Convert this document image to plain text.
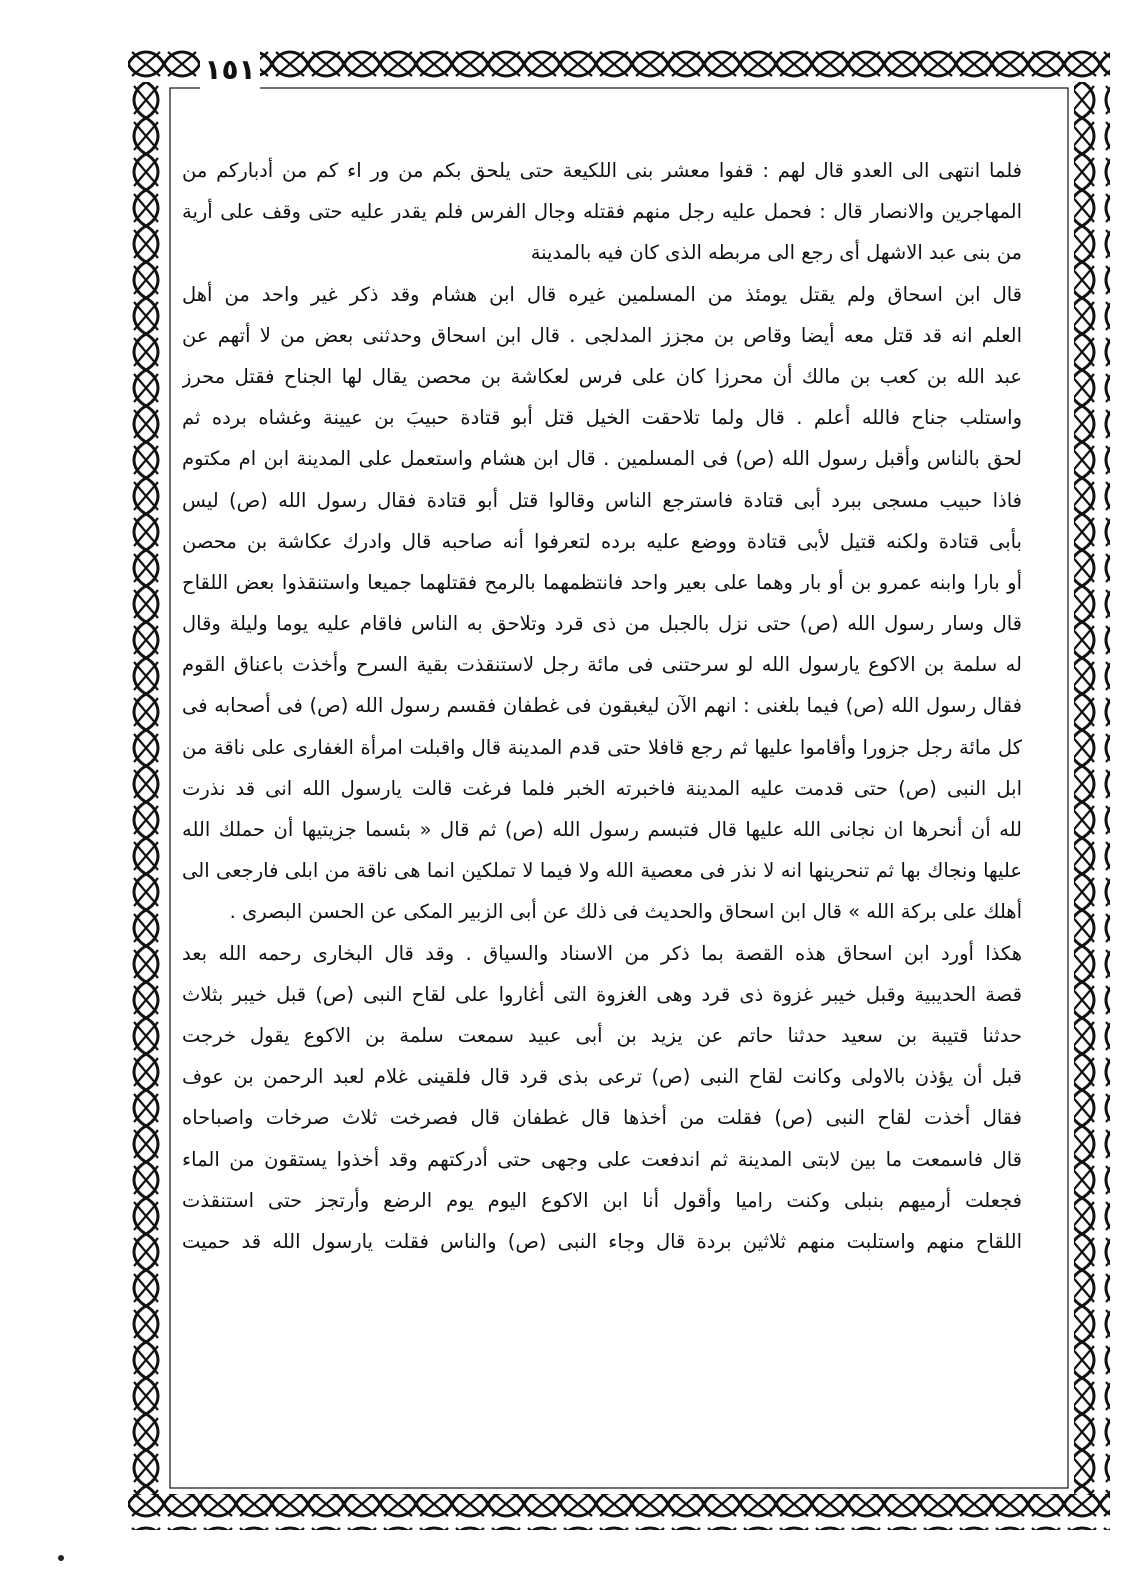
١٥١
فلما انتهى الى العدو قال لهم : قفوا معشر بنى اللكيعة حتى يلحق بكم من ور اء كم من أدباركم من
المهاجرين والانصار قال : فحمل عليه رجل منهم فقتله وجال الفرس فلم يقدر عليه حتى وقف على أرية
من بنى عبد الاشهل أى رجع الى مربطه الذى كان فيه بالمدينة
قال ابن اسحاق ولم يقتل يومئذ من المسلمين غيره قال ابن هشام وقد ذكر غير واحد من أهل
العلم انه قد قتل معه أيضا وقاص بن مجزز المدلجى . قال ابن اسحاق وحدثنى بعض من لا أتهم عن
عبد الله بن كعب بن مالك أن محرزا كان على فرس لعكاشة بن محصن يقال لها الجناح فقتل محرز
واستلب جناح فالله أعلم . قال ولما تلاحقت الخيل قتل أبو قتادة حبيبَ بن عيينة وغشاه برده ثم
لحق بالناس وأقبل رسول الله (ص) فى المسلمين . قال ابن هشام واستعمل على المدينة ابن ام مكتوم
فاذا حبيب مسجى ببرد أبى قتادة فاسترجع الناس وقالوا قتل أبو قتادة فقال رسول الله (ص) ليس
بأبى قتادة ولكنه قتيل لأبى قتادة ووضع عليه برده لتعرفوا أنه صاحبه قال وادرك عكاشة بن محصن
أو بارا وابنه عمرو بن أو بار وهما على بعير واحد فانتظمهما بالرمح فقتلهما جميعا واستنقذوا بعض اللقاح
قال وسار رسول الله (ص) حتى نزل بالجبل من ذى قرد وتلاحق به الناس فاقام عليه يوما وليلة وقال
له سلمة بن الاكوع يارسول الله لو سرحتنى فى مائة رجل لاستنقذت بقية السرح وأخذت باعناق القوم
فقال رسول الله (ص) فيما بلغنى : انهم الآن ليغبقون فى غطفان فقسم رسول الله (ص) فى أصحابه فى
كل مائة رجل جزورا وأقاموا عليها ثم رجع قافلا حتى قدم المدينة قال واقبلت امرأة الغفارى على ناقة من
ابل النبى (ص) حتى قدمت عليه المدينة فاخبرته الخبر فلما فرغت قالت يارسول الله انى قد نذرت
لله أن أنحرها ان نجانى الله عليها قال فتبسم رسول الله (ص) ثم قال « بئسما جزيتيها أن حملك الله
عليها ونجاك بها ثم تنحرينها انه لا نذر فى معصية الله ولا فيما لا تملكين انما هى ناقة من ابلى فارجعى الى
أهلك على بركة الله » قال ابن اسحاق والحديث فى ذلك عن أبى الزبير المكى عن الحسن البصرى .
هكذا أورد ابن اسحاق هذه القصة بما ذكر من الاسناد والسياق . وقد قال البخارى رحمه الله بعد
قصة الحديبية وقبل خيبر غزوة ذى قرد وهى الغزوة التى أغاروا على لقاح النبى (ص) قبل خيبر بثلاث
حدثنا قتيبة بن سعيد حدثنا حاتم عن يزيد بن أبى عبيد سمعت سلمة بن الاكوع يقول خرجت
قبل أن يؤذن بالاولى وكانت لقاح النبى (ص) ترعى بذى قرد قال فلقينى غلام لعبد الرحمن بن عوف
فقال أخذت لقاح النبى (ص) فقلت من أخذها قال غطفان قال فصرخت ثلاث صرخات واصباحاه
قال فاسمعت ما بين لابتى المدينة ثم اندفعت على وجهى حتى أدركتهم وقد أخذوا يستقون من الماء
فجعلت أرميهم بنبلى وكنت راميا وأقول أنا ابن الاكوع اليوم يوم الرضع وأرتجز حتى استنقذت
اللقاح منهم واستلبت منهم ثلاثين بردة قال وجاء النبى (ص) والناس فقلت يارسول الله قد حميت
